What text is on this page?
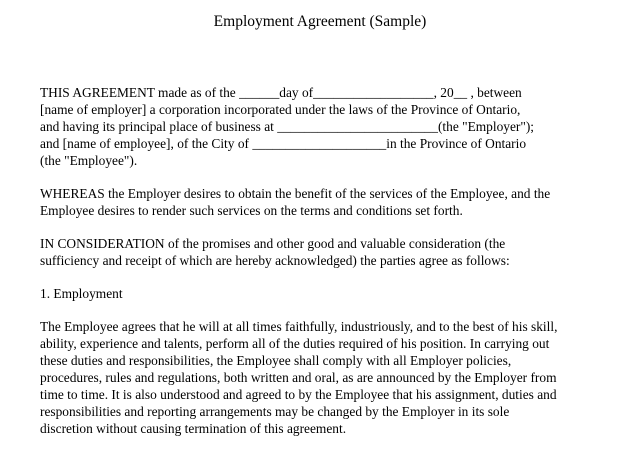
Employment Agreement (Sample)
THIS AGREEMENT made as of the ______day of__________________, 20__ , between
[name of employer] a corporation incorporated under the laws of the Province of Ontario,
and having its principal place of business at ________________________(the "Employer");
and [name of employee], of the City of ____________________in the Province of Ontario
(the "Employee").
WHEREAS the Employer desires to obtain the benefit of the services of the Employee, and the
Employee desires to render such services on the terms and conditions set forth.
IN CONSIDERATION of the promises and other good and valuable consideration (the
sufficiency and receipt of which are hereby acknowledged) the parties agree as follows:
1. Employment
The Employee agrees that he will at all times faithfully, industriously, and to the best of his skill,
ability, experience and talents, perform all of the duties required of his position. In carrying out
these duties and responsibilities, the Employee shall comply with all Employer policies,
procedures, rules and regulations, both written and oral, as are announced by the Employer from
time to time. It is also understood and agreed to by the Employee that his assignment, duties and
responsibilities and reporting arrangements may be changed by the Employer in its sole
discretion without causing termination of this agreement.
